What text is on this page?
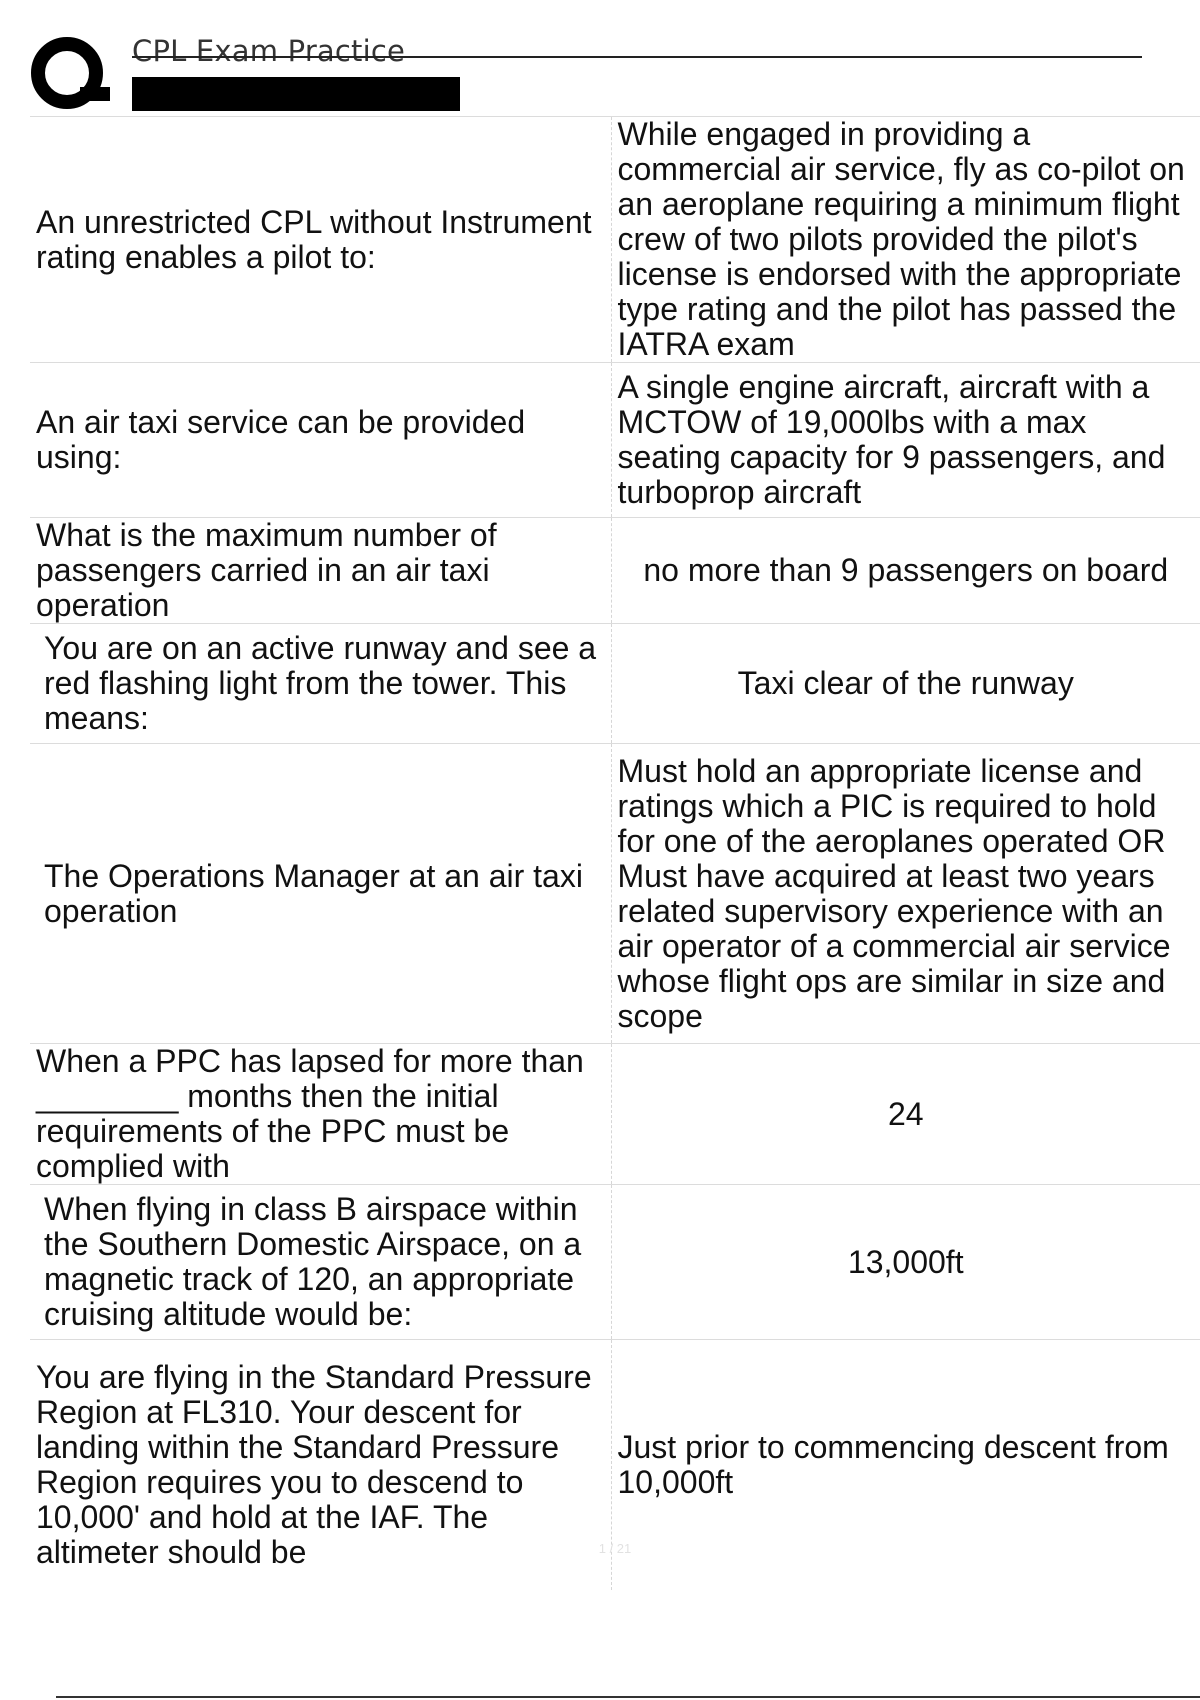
CPL Exam Practice
An unrestricted CPL without Instrument rating enables a pilot to:	While engaged in providing a commercial air service, fly as co-pilot on an aeroplane requiring a minimum flight crew of two pilots provided the pilot's license is endorsed with the appropriate type rating and the pilot has passed the IATRA exam
An air taxi service can be provided using:	A single engine aircraft, aircraft with a MCTOW of 19,000lbs with a max seating capacity for 9 passengers, and turboprop aircraft
What is the maximum number of passengers carried in an air taxi operation	no more than 9 passengers on board
You are on an active runway and see a red flashing light from the tower. This means:	Taxi clear of the runway
The Operations Manager at an air taxi operation	Must hold an appropriate license and ratings which a PIC is required to hold for one of the aeroplanes operated OR Must have acquired at least two years related supervisory experience with an air operator of a commercial air service whose flight ops are similar in size and scope
When a PPC has lapsed for more than ________ months then the initial requirements of the PPC must be complied with	24
When flying in class B airspace within the Southern Domestic Airspace, on a magnetic track of 120, an appropriate cruising altitude would be:	13,000ft
You are flying in the Standard Pressure Region at FL310. Your descent for landing within the Standard Pressure Region requires you to descend to 10,000' and hold at the IAF. The altimeter should be	Just prior to commencing descent from 10,000ft
1 / 21
